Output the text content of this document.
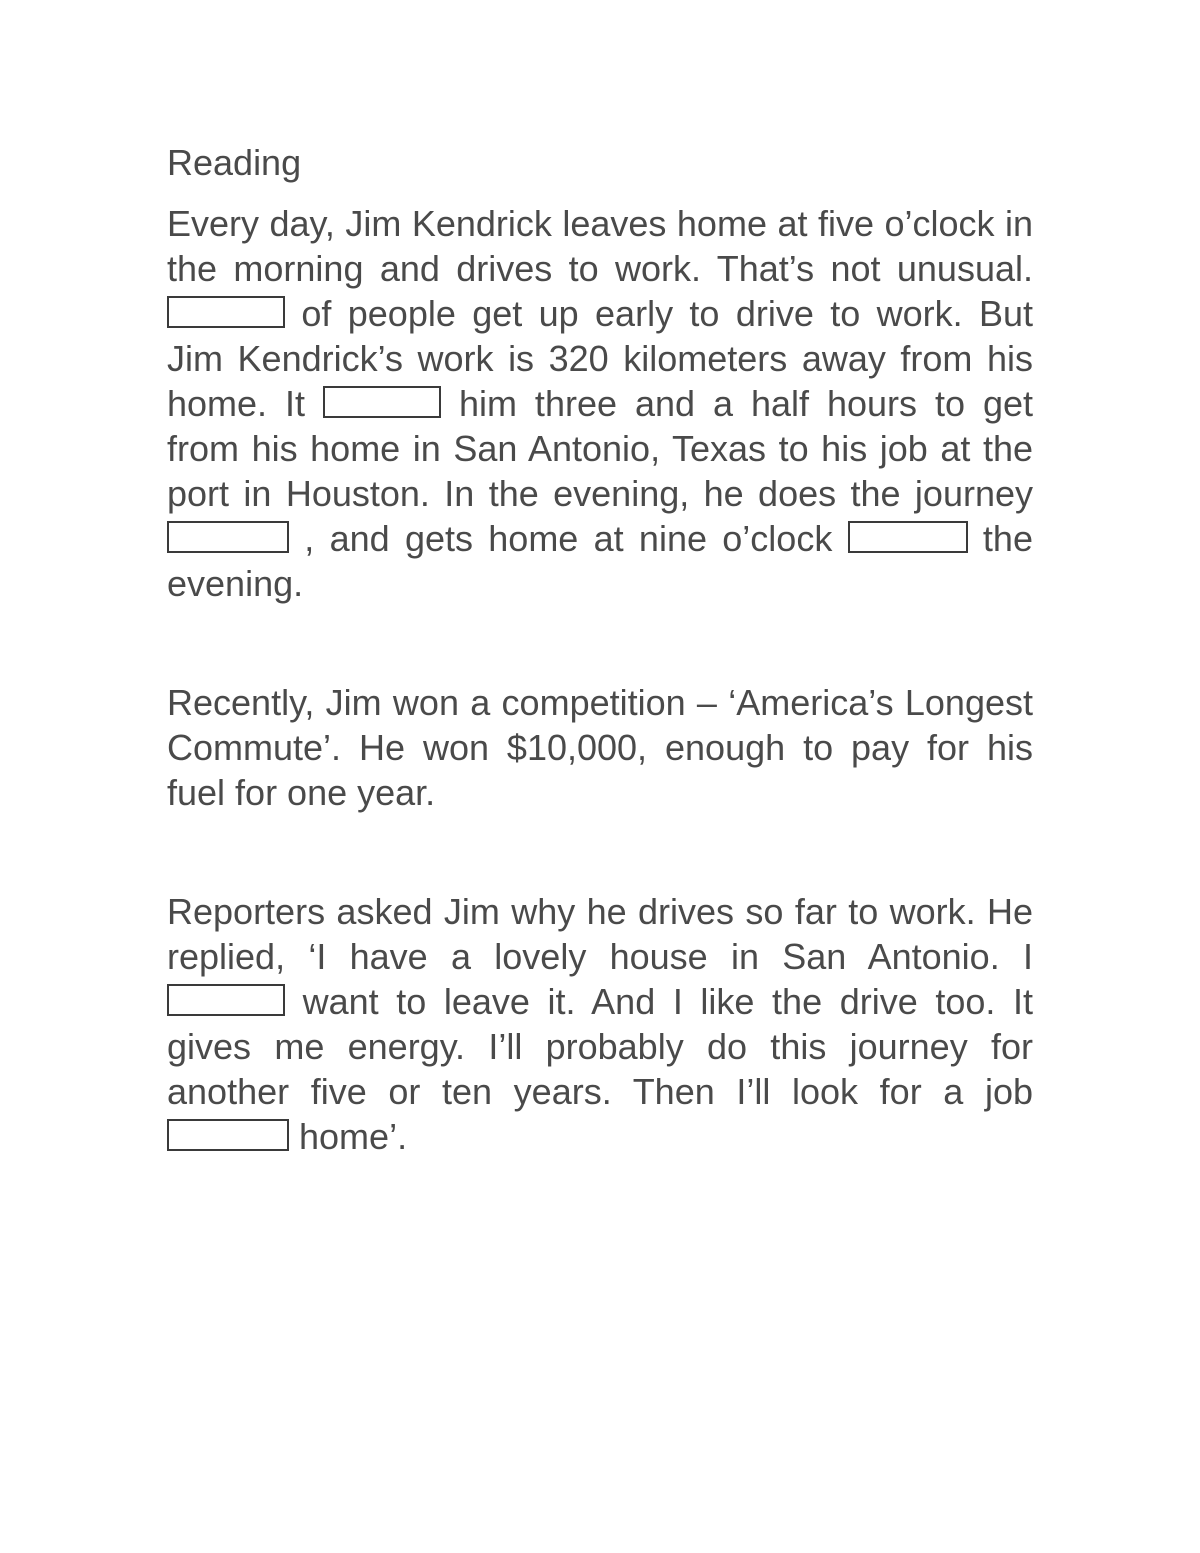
Reading

Every day, Jim Kendrick leaves home at five o’clock in the morning and drives to work. That’s not unusual.  of people get up early to drive to work. But Jim Kendrick’s work is 320 kilometers away from his home. It	him three and a half hours to get from his home in San Antonio, Texas to his job at the port in Houston. In the evening, he does the journey  , and gets home at nine o’clock	the evening.

Recently, Jim won a competition – ‘America’s Longest Commute’. He won $10,000, enough to pay for his fuel for one year.

Reporters asked Jim why he drives so far to work. He replied, ‘I have a lovely house in San Antonio. I  want to leave it. And I like the drive too. It gives me energy. I’ll probably do this journey for another five or ten years. Then I’ll look for a job  home’.
